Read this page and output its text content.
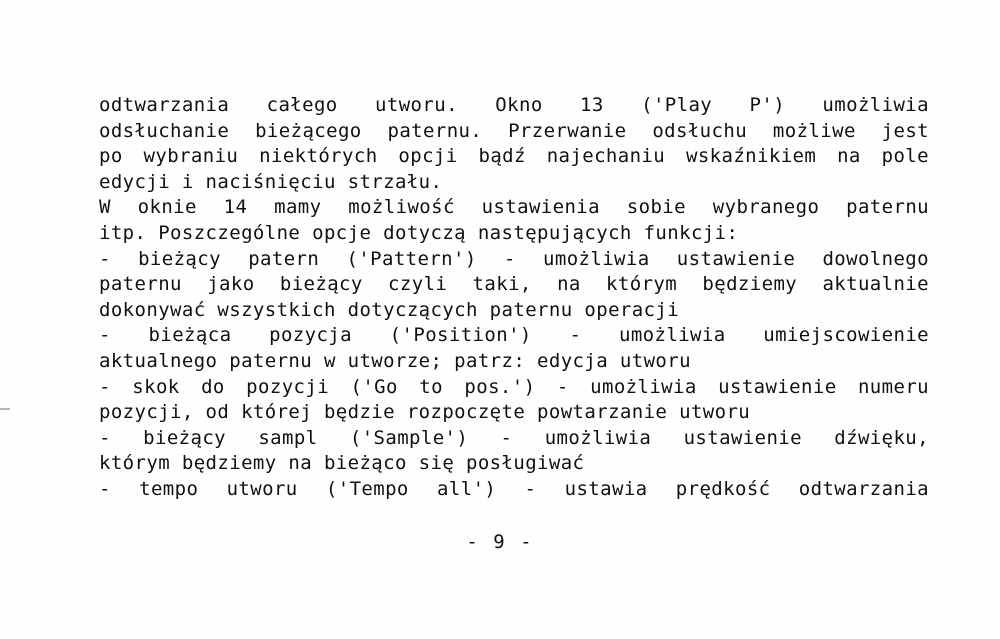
odtwarzania całego utworu. Okno 13 ('Play P') umożliwia
odsłuchanie bieżącego paternu. Przerwanie odsłuchu możliwe jest
po wybraniu niektórych opcji bądź najechaniu wskaźnikiem na pole
edycji i naciśnięciu strzału.
W oknie 14 mamy możliwość ustawienia sobie wybranego paternu
itp. Poszczególne opcje dotyczą następujących funkcji:
- bieżący patern ('Pattern') - umożliwia ustawienie dowolnego
paternu jako bieżący czyli taki, na którym będziemy aktualnie
dokonywać wszystkich dotyczących paternu operacji
- bieżąca pozycja ('Position') - umożliwia umiejscowienie
aktualnego paternu w utworze; patrz: edycja utworu
- skok do pozycji ('Go to pos.') - umożliwia ustawienie numeru
pozycji, od której będzie rozpoczęte powtarzanie utworu
- bieżący sampl ('Sample') - umożliwia ustawienie dźwięku,
którym będziemy na bieżąco się posługiwać
- tempo utworu ('Tempo all') - ustawia prędkość odtwarzania
- 9 -
